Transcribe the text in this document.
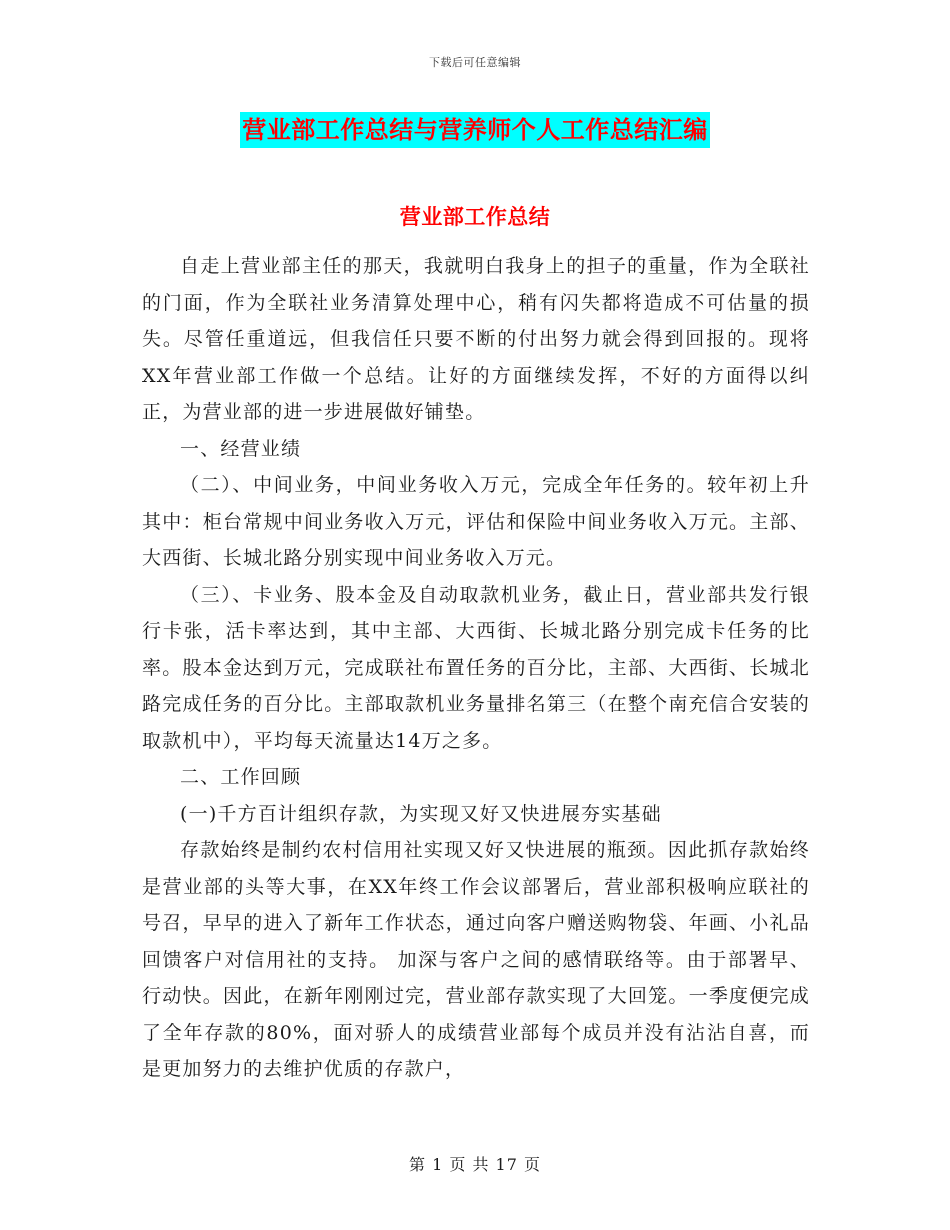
下载后可任意编辑
营业部工作总结与营养师个人工作总结汇编
营业部工作总结

自走上营业部主任的那天，我就明白我身上的担子的重量，作为全联社的门面，作为全联社业务清算处理中心，稍有闪失都将造成不可估量的损失。尽管任重道远，但我信任只要不断的付出努力就会得到回报的。现将XX年营业部工作做一个总结。让好的方面继续发挥，不好的方面得以纠正，为营业部的进一步进展做好铺垫。

一、经营业绩

（二）、中间业务，中间业务收入万元，完成全年任务的。较年初上升其中：柜台常规中间业务收入万元，评估和保险中间业务收入万元。主部、 大西街、长城北路分别实现中间业务收入万元。

（三）、卡业务、股本金及自动取款机业务，截止日，营业部共发行银行卡张，活卡率达到，其中主部、大西街、长城北路分别完成卡任务的比率。股本金达到万元，完成联社布置任务的百分比，主部、大西街、长城北路完成任务的百分比。主部取款机业务量排名第三（在整个南充信合安装的取款机中），平均每天流量达14万之多。

二、工作回顾

(一)千方百计组织存款，为实现又好又快进展夯实基础

存款始终是制约农村信用社实现又好又快进展的瓶颈。因此抓存款始终是营业部的头等大事，在XX年终工作会议部署后，营业部积极响应联社的号召，早早的进入了新年工作状态，通过向客户赠送购物袋、年画、小礼品回馈客户对信用社的支持。 加深与客户之间的感情联络等。由于部署早、行动快。因此，在新年刚刚过完，营业部存款实现了大回笼。一季度便完成了全年存款的80%，面对骄人的成绩营业部每个成员并没有沾沾自喜，而是更加努力的去维护优质的存款户，

第 1 页 共 17 页
